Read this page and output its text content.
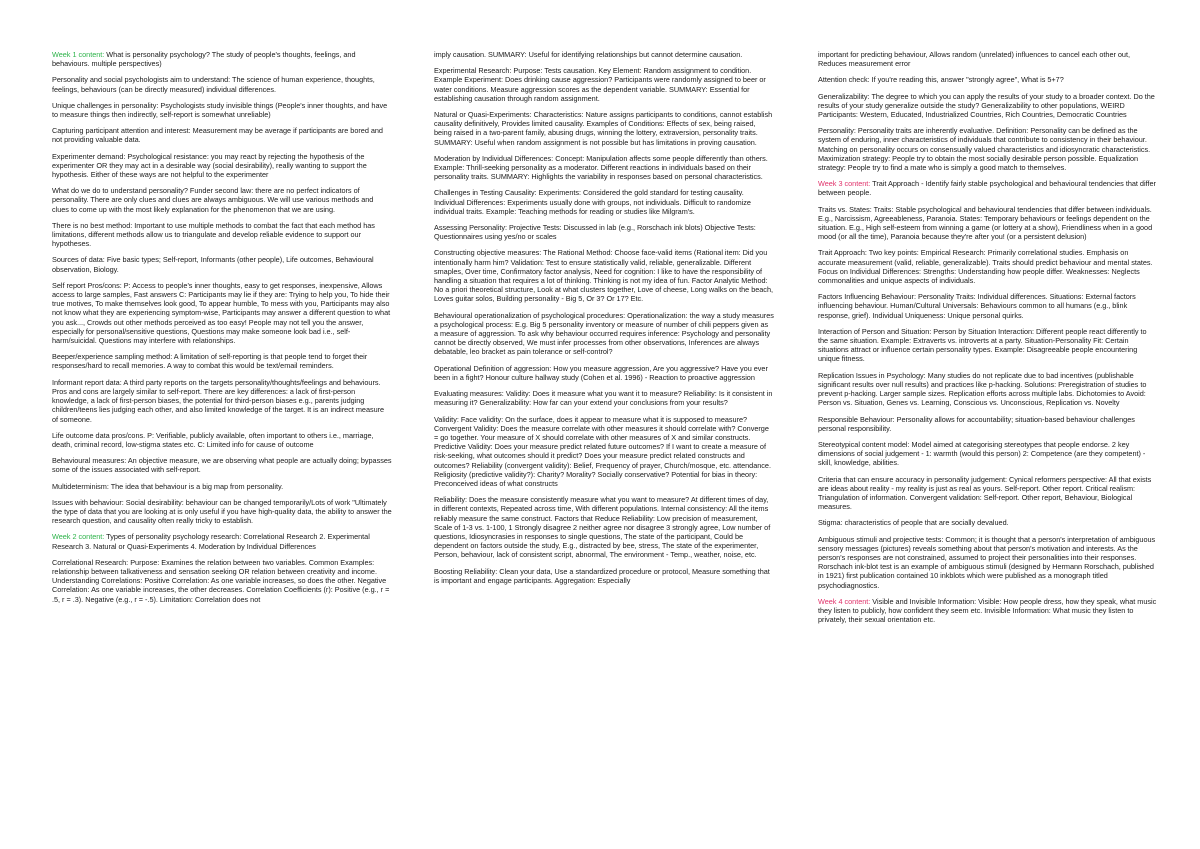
Week 1 content: What is personality psychology? The study of people's thoughts, feelings, and behaviours. multiple perspectives)
Personality and social psychologists aim to understand: The science of human experience, thoughts, feelings, behaviours (can be directly measured) individual differences.
Unique challenges in personality: Psychologists study invisible things (People's inner thoughts, and have to measure things then indirectly, self-report is somewhat unreliable)
Capturing participant attention and interest: Measurement may be average if participants are bored and not providing valuable data.
Experimenter demand: Psychological resistance: you may react by rejecting the hypothesis of the experimenter OR they may act in a desirable way (social desirability), really wanting to support the hypothesis. Either of these ways are not helpful to the experimenter
What do we do to understand personality? Funder second law: there are no perfect indicators of personality. There are only clues and clues are always ambiguous. We will use various methods and clues to come up with the most likely explanation for the phenomenon that we are using.
There is no best method: Important to use multiple methods to combat the fact that each method has limitations, different methods allow us to triangulate and develop reliable evidence to support our hypotheses.
Sources of data: Five basic types; Self-report, Informants (other people), Life outcomes, Behavioural observation, Biology.
Self report Pros/cons: P: Access to people's inner thoughts, easy to get responses, inexpensive, Allows access to large samples, Fast answers C: Participants may lie if they are: Trying to help you, To hide their true motives, To make themselves look good, To appear humble, To mess with you, Participants may also not know what they are experiencing symptom-wise, Participants may answer a different question to what you ask..., Crowds out other methods perceived as too easy! People may not tell you the answer, especially for personal/sensitive questions, Questions may make someone look bad i.e., self-harm/suicidal. Questions may interfere with relationships.
Beeper/experience sampling method: A limitation of self-reporting is that people tend to forget their responses/hard to recall memories. A way to combat this would be text/email reminders.
Informant report data: A third party reports on the targets personality/thoughts/feelings and behaviours. Pros and cons are largely similar to self-report. There are key differences: a lack of first-person knowledge, a lack of first-person biases, the potential for third-person biases e.g., parents judging children/teens lies judging each other, and also limited knowledge of the target. It is an indirect measure of someone.
Life outcome data pros/cons. P: Verifiable, publicly available, often important to others i.e., marriage, death, criminal record, low-stigma states etc. C: Limited info for cause of outcome
Behavioural measures: An objective measure, we are observing what people are actually doing; bypasses some of the issues associated with self-report.
Multideterminism: The idea that behaviour is a big map from personality.
Issues with behaviour: Social desirability: behaviour can be changed temporarily/Lots of work "Ultimately the type of data that you are looking at is only useful if you have high-quality data, the ability to answer the research question, and causality often really tricky to establish.
Week 2 content: Types of personality psychology research: Correlational Research 2. Experimental Research 3. Natural or Quasi-Experiments 4. Moderation by Individual Differences
Correlational Research: Purpose: Examines the relation between two variables. Common Examples: relationship between talkativeness and sensation seeking OR relation between creativity and income. Understanding Correlations: Positive Correlation: As one variable increases, so does the other. Negative Correlation: As one variable increases, the other decreases. Correlation Coefficients (r): Positive (e.g., r = .5, r = .3). Negative (e.g., r = -.5). Limitation: Correlation does not
imply causation. SUMMARY: Useful for identifying relationships but cannot determine causation.
Experimental Research: Purpose: Tests causation. Key Element: Random assignment to condition. Example Experiment: Does drinking cause aggression? Participants were randomly assigned to beer or water conditions. Measure aggression scores as the dependent variable. SUMMARY: Essential for establishing causation through random assignment.
Natural or Quasi-Experiments: Characteristics: Nature assigns participants to conditions, cannot establish causality definitively, Provides limited causality. Examples of Conditions: Effects of sex, being raised, being raised in a two-parent family, abusing drugs, winning the lottery, extraversion, personality traits. SUMMARY: Useful when random assignment is not possible but has limitations in proving causation.
Moderation by Individual Differences: Concept: Manipulation affects some people differently than others. Example: Thrill-seeking personality as a moderator. Different reactions in individuals based on their personality traits. SUMMARY: Highlights the variability in responses based on personal characteristics.
Challenges in Testing Causality: Experiments: Considered the gold standard for testing causality. Individual Differences: Experiments usually done with groups, not individuals. Difficult to randomize individual traits. Example: Teaching methods for reading or studies like Milgram's.
Assessing Personality: Projective Tests: Discussed in lab (e.g., Rorschach ink blots) Objective Tests: Questionnaires using yes/no or scales
Constructing objective measures: The Rational Method: Choose face-valid items (Rational item: Did you intentionally harm him? Validation: Test to ensure statistically valid, reliable, generalizable. Different smaples, Over time, Confirmatory factor analysis, Need for cognition: I like to have the responsibility of handling a situation that requires a lot of thinking. Thinking is not my idea of fun. Factor Analytic Method: No a priori theoretical structure, Look at what clusters together, Love of cheese, Long walks on the beach, Loves guitar solos, Building personality - Big 5, Or 3? Or 17? Etc.
Behavioural operationalization of psychological procedures: Operationalization: the way a study measures a psychological process: E.g. Big 5 personality inventory or measure of number of chili peppers given as a measure of aggression. To ask why behaviour occurred requires inference: Psychology and personality cannot be directly observed, We must infer processes from other observations, Inferences are always debatable, leo bracket as pain tolerance or self-control?
Operational Definition of aggression: How you measure aggression, Are you aggressive? Have you ever been in a fight? Honour culture hallway study (Cohen et al. 1996) - Reaction to proactive aggression
Evaluating measures: Validity: Does it measure what you want it to measure? Reliability: Is it consistent in measuring it? Generalizability: How far can your extend your conclusions from your results?
Validity: Face validity: On the surface, does it appear to measure what it is supposed to measure? Convergent Validity: Does the measure correlate with other measures it should correlate with? Converge = go together. Your measure of X should correlate with other measures of X and similar constructs. Predictive Validity: Does your measure predict related future outcomes? If I want to create a measure of risk-seeking, what outcomes should it predict? Does your measure predict related constructs and outcomes? Reliability (convergent validity): Belief, Frequency of prayer, Church/mosque, etc. attendance. Religiosity (predictive validity?): Charity? Morality? Socially conservative? Potential for bias in theory: Preconceived ideas of what constructs
Reliability: Does the measure consistently measure what you want to measure? At different times of day, in different contexts, Repeated across time, With different populations. Internal consistency: All the items reliably measure the same construct. Factors that Reduce Reliability: Low precision of measurement, Scale of 1-3 vs. 1-100, 1 Strongly disagree 2 neither agree nor disagree 3 strongly agree, Low number of questions, Idiosyncrasies in responses to single questions, The state of the participant, Could be dependent on factors outside the study, E.g., distracted by bee, stress, The state of the experimenter, Person, behaviour, lack of consistent script, abnormal, The environment - Temp., weather, noise, etc.
Boosting Reliability: Clean your data, Use a standardized procedure or protocol, Measure something that is important and engage participants. Aggregation: Especially
important for predicting behaviour, Allows random (unrelated) influences to cancel each other out, Reduces measurement error
Attention check: If you're reading this, answer "strongly agree", What is 5+7?
Generalizability: The degree to which you can apply the results of your study to a broader context. Do the results of your study generalize outside the study? Generalizability to other populations, WEIRD Participants: Western, Educated, Industrialized Countries, Rich Countries, Democratic Countries
Personality: Personality traits are inherently evaluative. Definition: Personality can be defined as the system of enduring, inner characteristics of individuals that contribute to consistency in their behaviour. Matching on personality occurs on consensually valued characteristics and idiosyncratic characteristics. Maximization strategy: People try to obtain the most socially desirable person possible. Equalization strategy: People try to find a mate who is simply a good match to themselves.
Week 3 content: Trait Approach - Identify fairly stable psychological and behavioural tendencies that differ between people.
Traits vs. States: Traits: Stable psychological and behavioural tendencies that differ between individuals. E.g., Narcissism, Agreeableness, Paranoia. States: Temporary behaviours or feelings dependent on the situation. E.g., High self-esteem from winning a game (or lottery at a show), Friendliness when in a good mood (or all the time), Paranoia because they're after you! (or a persistent delusion)
Trait Approach: Two key points: Empirical Research: Primarily correlational studies. Emphasis on accurate measurement (valid, reliable, generalizable). Traits should predict behaviour and mental states. Focus on Individual Differences: Strengths: Understanding how people differ. Weaknesses: Neglects commonalities and unique aspects of individuals.
Factors Influencing Behaviour: Personality Traits: Individual differences. Situations: External factors influencing behaviour. Human/Cultural Universals: Behaviours common to all humans (e.g., blink response, grief). Individual Uniqueness: Unique personal quirks.
Interaction of Person and Situation: Person by Situation Interaction: Different people react differently to the same situation. Example: Extraverts vs. introverts at a party. Situation-Personality Fit: Certain situations attract or influence certain personality types. Example: Disagreeable people encountering unique fitness.
Replication Issues in Psychology: Many studies do not replicate due to bad incentives (publishable significant results over null results) and practices like p-hacking. Solutions: Preregistration of studies to prevent p-hacking. Larger sample sizes. Replication efforts across multiple labs. Dichotomies to Avoid: Person vs. Situation, Genes vs. Learning, Conscious vs. Unconscious, Replication vs. Novelty
Responsible Behaviour: Personality allows for accountability; situation-based behaviour challenges personal responsibility.
Stereotypical content model: Model aimed at categorising stereotypes that people endorse. 2 key dimensions of social judgement - 1: warmth (would this person) 2: Competence (are they competent) - skill, knowledge, abilities.
Criteria that can ensure accuracy in personality judgement: Cynical reformers perspective: All that exists are ideas about reality - my reality is just as real as yours. Self-report. Other report. Critical realism: Triangulation of information. Convergent validation: Self-report. Other report, Behaviour, Biological measures.
Stigma: characteristics of people that are socially devalued.
Ambiguous stimuli and projective tests: Common; it is thought that a person's interpretation of ambiguous sensory messages (pictures) reveals something about that person's motivation and interests. As the person's responses are not constrained, assumed to project their personalities into their responses. Rorschach ink-blot test is an example of ambiguous stimuli (designed by Hermann Rorschach, published in 1921) first publication contained 10 inkblots which were published as a monograph titled psychodiagnostics.
Week 4 content: Visible and Invisible Information: Visible: How people dress, how they speak, what music they listen to publicly, how confident they seem etc. Invisible Information: What music they listen to privately, their sexual orientation etc.
